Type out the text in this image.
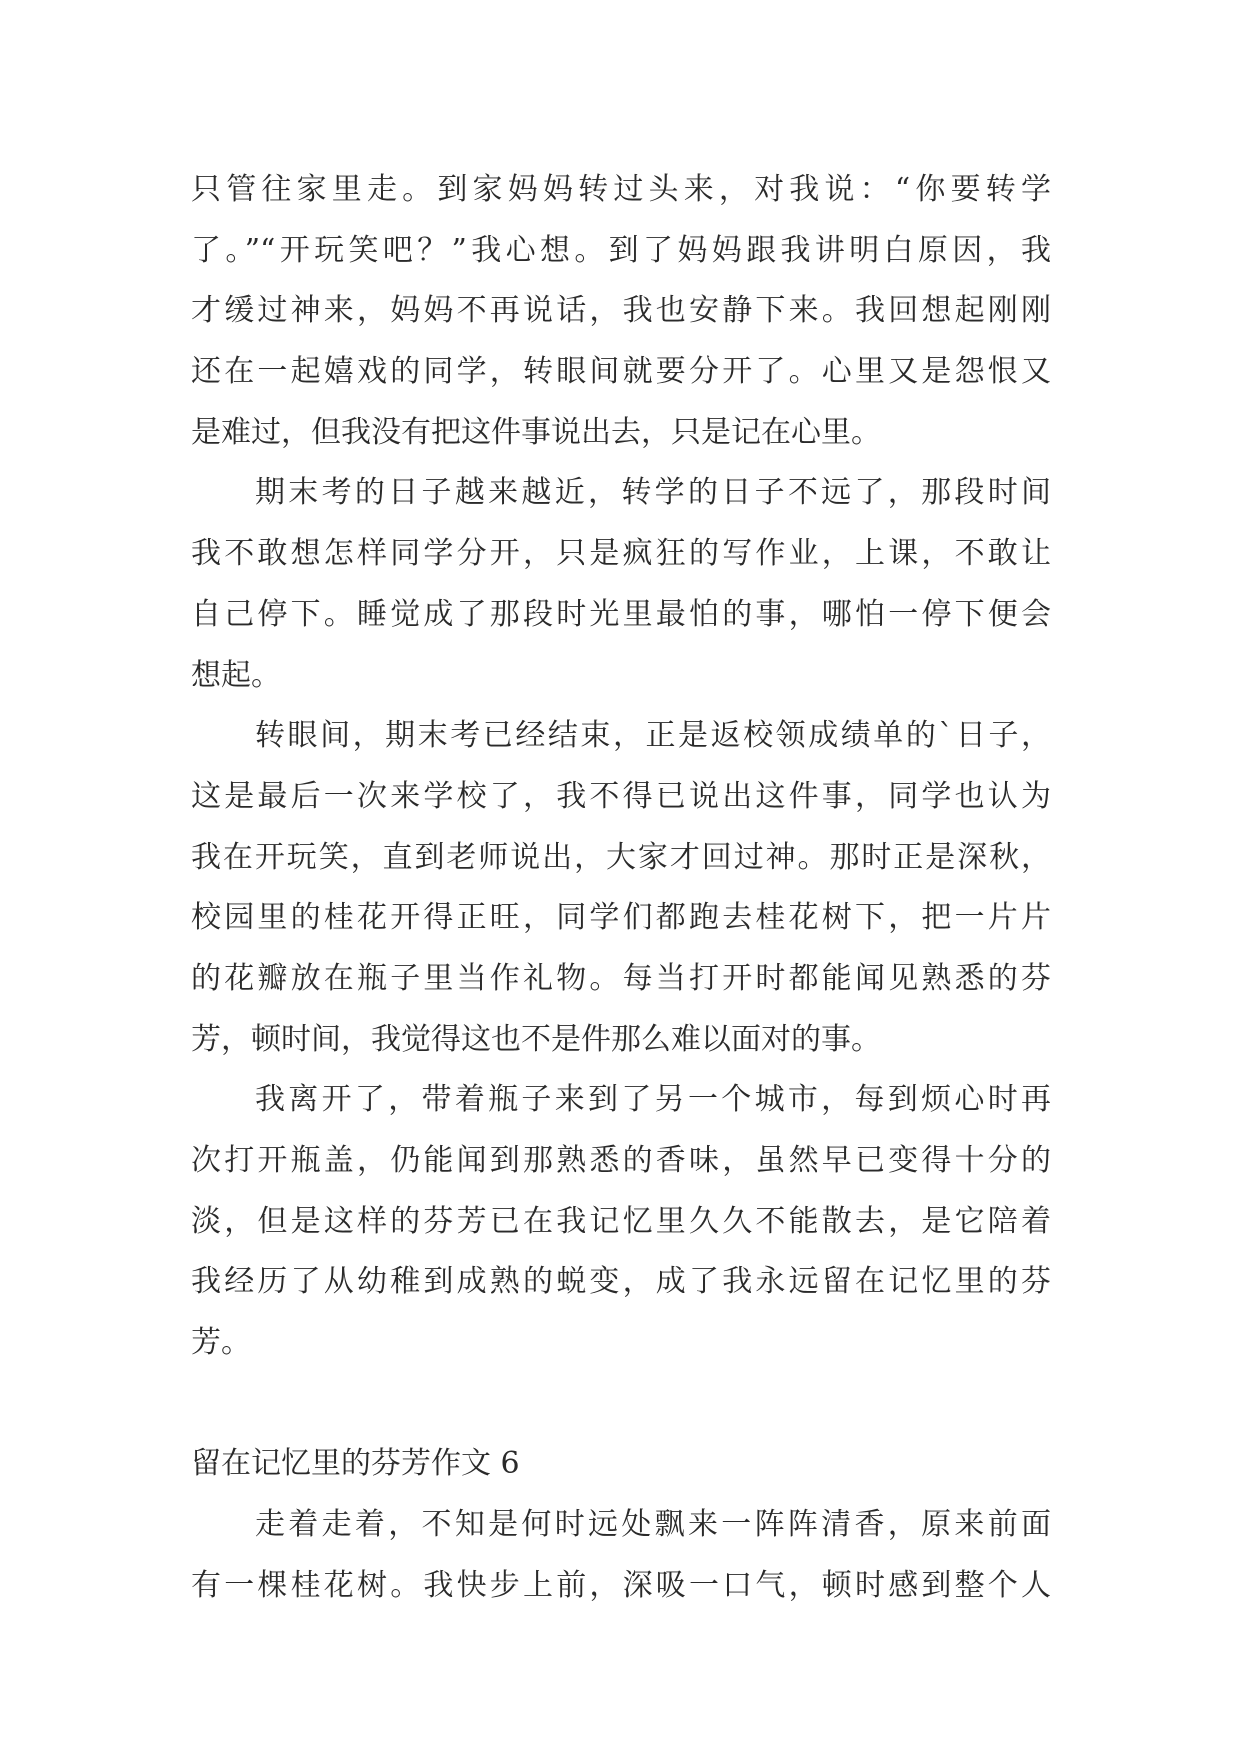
只管往家里走。到家妈妈转过头来，对我说：“你要转学
了。”“开玩笑吧？”我心想。到了妈妈跟我讲明白原因，我
才缓过神来，妈妈不再说话，我也安静下来。我回想起刚刚
还在一起嬉戏的同学，转眼间就要分开了。心里又是怨恨又
是难过，但我没有把这件事说出去，只是记在心里。
期末考的日子越来越近，转学的日子不远了，那段时间
我不敢想怎样同学分开，只是疯狂的写作业，上课，不敢让
自己停下。睡觉成了那段时光里最怕的事，哪怕一停下便会
想起。
转眼间，期末考已经结束，正是返校领成绩单的`日子，
这是最后一次来学校了，我不得已说出这件事，同学也认为
我在开玩笑，直到老师说出，大家才回过神。那时正是深秋，
校园里的桂花开得正旺，同学们都跑去桂花树下，把一片片
的花瓣放在瓶子里当作礼物。每当打开时都能闻见熟悉的芬
芳，顿时间，我觉得这也不是件那么难以面对的事。
我离开了，带着瓶子来到了另一个城市，每到烦心时再
次打开瓶盖，仍能闻到那熟悉的香味，虽然早已变得十分的
淡，但是这样的芬芳已在我记忆里久久不能散去，是它陪着
我经历了从幼稚到成熟的蜕变，成了我永远留在记忆里的芬
芳。
留在记忆里的芬芳作文 6
走着走着，不知是何时远处飘来一阵阵清香，原来前面
有一棵桂花树。我快步上前，深吸一口气，顿时感到整个人
